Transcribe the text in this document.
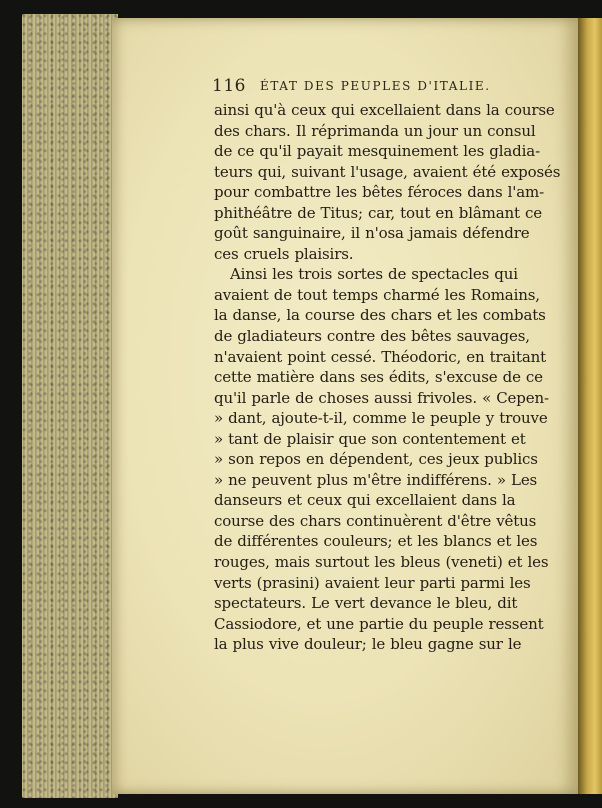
116 ÉTAT DES PEUPLES D'ITALIE.
ainsi qu'à ceux qui excellaient dans la course
des chars. Il réprimanda un jour un consul
de ce qu'il payait mesquinement les gladia-
teurs qui, suivant l'usage, avaient été exposés
pour combattre les bêtes féroces dans l'am-
phithéâtre de Titus; car, tout en blâmant ce
goût sanguinaire, il n'osa jamais défendre
ces cruels plaisirs.
Ainsi les trois sortes de spectacles qui
avaient de tout temps charmé les Romains,
la danse, la course des chars et les combats
de gladiateurs contre des bêtes sauvages,
n'avaient point cessé. Théodoric, en traitant
cette matière dans ses édits, s'excuse de ce
qu'il parle de choses aussi frivoles. « Cepen-
» dant, ajoute-t-il, comme le peuple y trouve
» tant de plaisir que son contentement et
» son repos en dépendent, ces jeux publics
» ne peuvent plus m'être indifférens. » Les
danseurs et ceux qui excellaient dans la
course des chars continuèrent d'être vêtus
de différentes couleurs; et les blancs et les
rouges, mais surtout les bleus (veneti) et les
verts (prasini) avaient leur parti parmi les
spectateurs. Le vert devance le bleu, dit
Cassiodore, et une partie du peuple ressent
la plus vive douleur; le bleu gagne sur le
